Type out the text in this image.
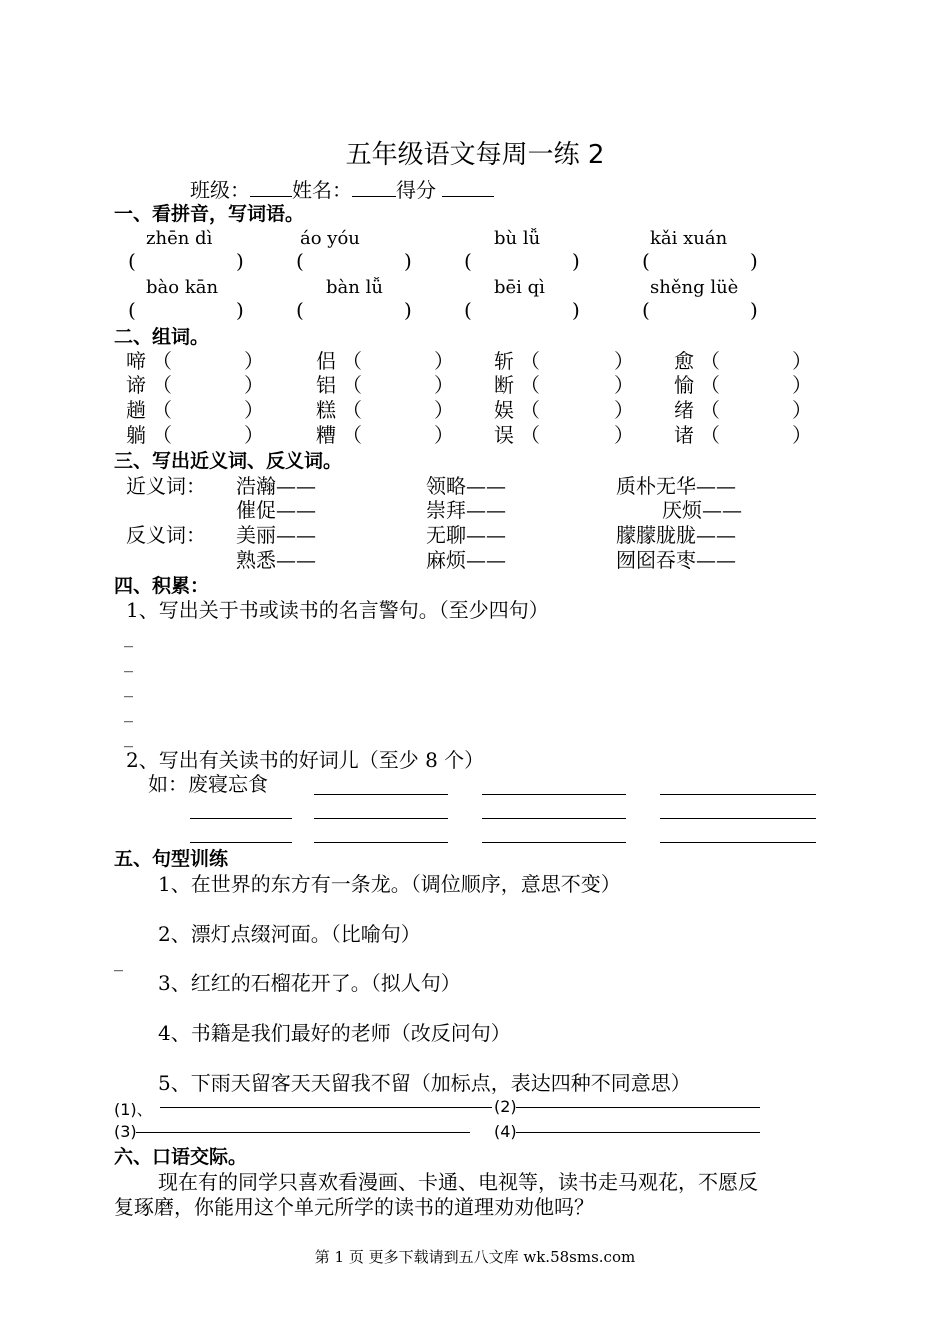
五年级语文每周一练 2
班级： 姓名： 得分
一、看拼音，写词语。
zhēn dì	áo yóu	bù lǚ	kǎi xuán
(	)	(	)	(	)	(	)
bào kān	bàn lǚ	bēi qì	shěng lüè
(	)	(	)	(	)	(	)
二、组词。
啼 （	）	侣 （	） 斩 （	） 愈 （	）
谛 （	）	铝 （	） 断 （	） 愉 （	）
趟 （	）	糕 （	） 娱 （	） 绪 （	）
躺 （	）	糟 （	） 误 （	） 诸 （	）
三、写出近义词、反义词。
近义词： 浩瀚——	领略——	质朴无华——
催促——	崇拜——	厌烦——
反义词： 美丽——	无聊——	朦朦胧胧——
熟悉——	麻烦——	囫囵吞枣——
四、积累：
1、写出关于书或读书的名言警句。（至少四句）
_
_
_
_
_
2、写出有关读书的好词儿（至少 8 个）
如：废寝忘食
五、句型训练
1、在世界的东方有一条龙。（调位顺序，意思不变）
2、漂灯点缀河面。（比喻句）
_
3、红红的石榴花开了。（拟人句）
4、书籍是我们最好的老师（改反问句）
5、下雨天留客天天留我不留（加标点，表达四种不同意思）
(1)、	(2)
(3)	(4)
六、口语交际。
现在有的同学只喜欢看漫画、卡通、电视等，读书走马观花，不愿反
复琢磨，你能用这个单元所学的读书的道理劝劝他吗？
第 1 页 更多下载请到五八文库 wk.58sms.com
